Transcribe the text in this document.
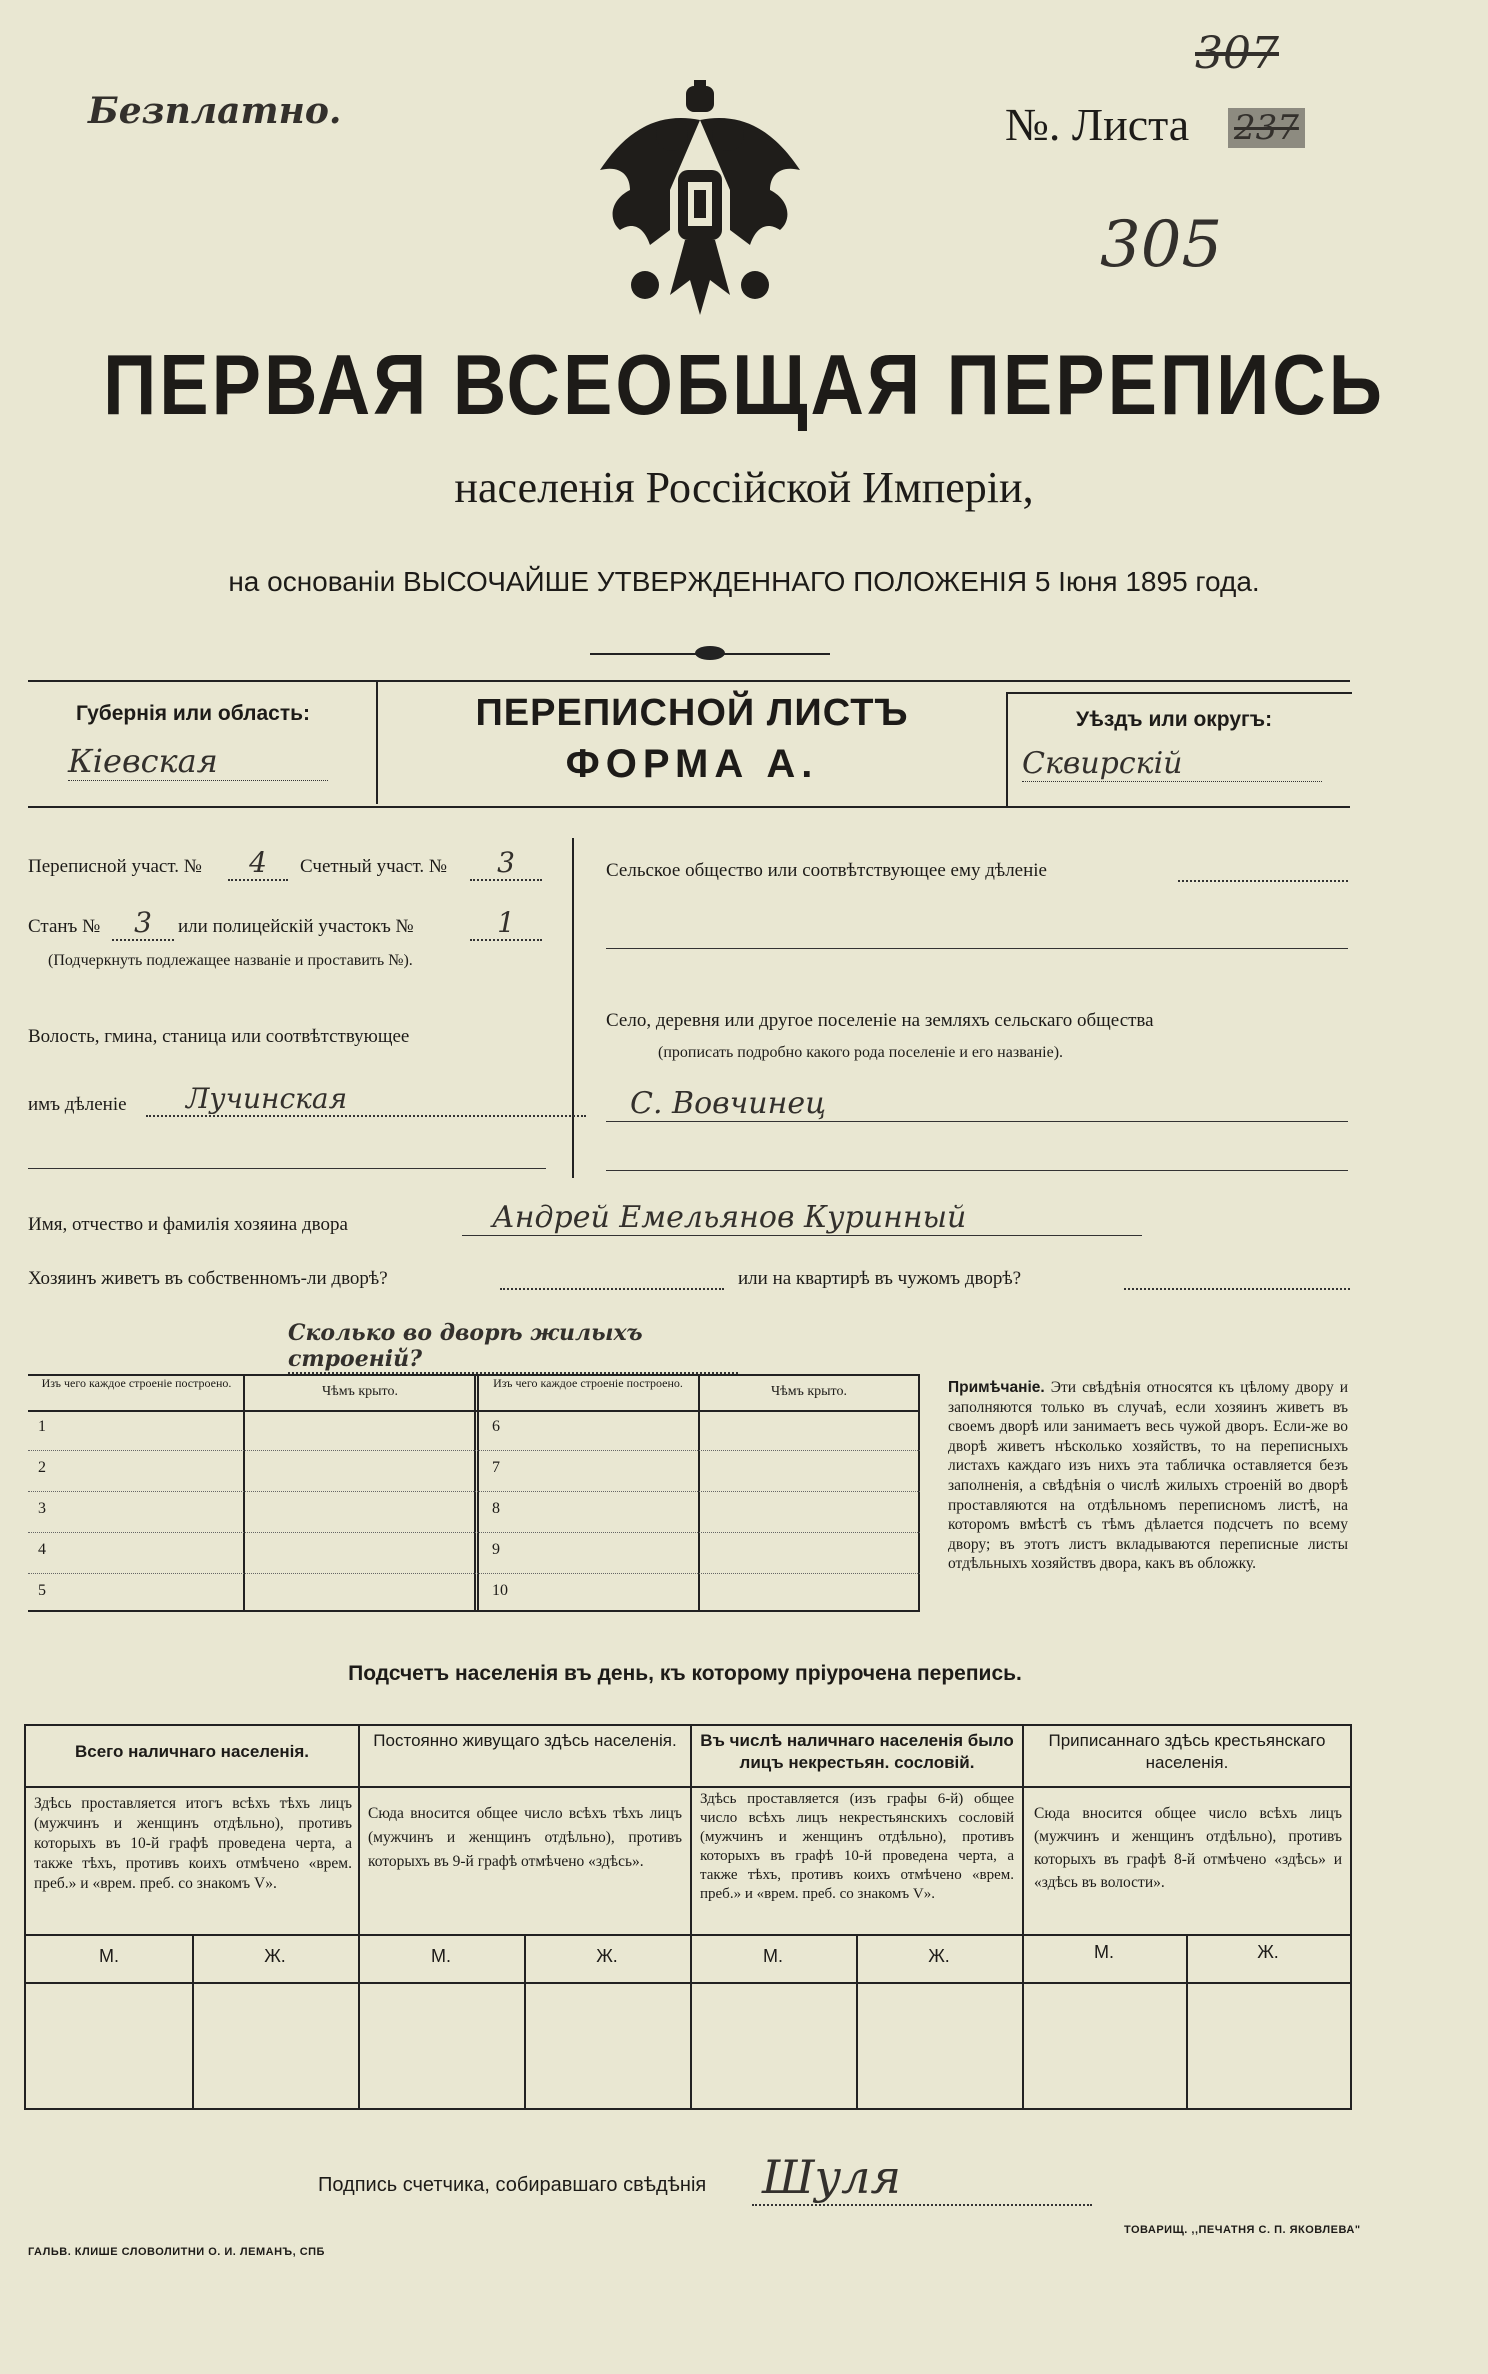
Безплатно.	№. Листа 237
307
305
ПЕРВАЯ ВСЕОБЩАЯ ПЕРЕПИСЬ
населенія Россійской Имперіи,
на основаніи ВЫСОЧАЙШЕ УТВЕРЖДЕННАГО ПОЛОЖЕНІЯ 5 Іюня 1895 года.
Губернія или область:
Кіевская
ПЕРЕПИСНОЙ ЛИСТЪ
ФОРМА А.
Уѣздъ или округъ:
Сквирскій
Переписной участ. №	4	Счетный участ. №	3
Станъ №	3	или полицейскій участокъ №	1
(Подчеркнуть подлежащее названіе и проставить №).
Волость, гмина, станица или соотвѣтствующее
имъ дѣленіе	Лучинская
Сельское общество или соотвѣтствующее ему дѣленіе
Село, деревня или другое поселеніе на земляхъ сельскаго общества
(прописать подробно какого рода поселеніе и его названіе).
С. Вовчинец
Имя, отчество и фамилія хозяина двора	Андрей Емельянов Куринный
Хозяинъ живетъ въ собственномъ-ли дворѣ?	или на квартирѣ въ чужомъ дворѣ?
Сколько во дворѣ жилыхъ строеній?
Изъ чего каждое строеніе построено.
Чѣмъ крыто.
Изъ чего каждое строеніе построено.
Чѣмъ крыто.
1	6
2	7
3	8
4	9
5	10
Примѣчаніе. Эти свѣдѣнія относятся къ цѣлому двору и заполняются только въ случаѣ, если хозяинъ живетъ въ своемъ дворѣ или занимаетъ весь чужой дворъ. Если-же во дворѣ живетъ нѣсколько хозяйствъ, то на переписныхъ листахъ каждаго изъ нихъ эта табличка оставляется безъ заполненія, а свѣдѣнія о числѣ жилыхъ строеній во дворѣ проставляются на отдѣльномъ переписномъ листѣ, на которомъ вмѣстѣ съ тѣмъ дѣлается подсчетъ по всему двору; въ этотъ листъ вкладываются переписные листы отдѣльныхъ хозяйствъ двора, какъ въ обложку.
Подсчетъ населенія въ день, къ которому пріурочена перепись.
Всего наличнаго населенія.
Здѣсь проставляется итогъ всѣхъ тѣхъ лицъ (мужчинъ и женщинъ отдѣльно), противъ которыхъ въ 10-й графѣ проведена черта, а также тѣхъ, противъ коихъ отмѣчено «врем. преб.» и «врем. преб. со знакомъ V».
Постоянно живущаго здѣсь населенія.
Сюда вносится общее число всѣхъ тѣхъ лицъ (мужчинъ и женщинъ отдѣльно), противъ которыхъ въ 9-й графѣ отмѣчено «здѣсь».
Въ числѣ наличнаго населенія было лицъ некрестьян. сословій.
Здѣсь проставляется (изъ графы 6-й) общее число всѣхъ лицъ некрестьянскихъ сословій (мужчинъ и женщинъ отдѣльно), противъ которыхъ въ графѣ 10-й проведена черта, а также тѣхъ, противъ коихъ отмѣчено «врем. преб.» и «врем. преб. со знакомъ V».
Приписаннаго здѣсь крестьянскаго населенія.
Сюда вносится общее число всѣхъ лицъ (мужчинъ и женщинъ отдѣльно), противъ которыхъ въ графѣ 8-й отмѣчено «здѣсь» и «здѣсь въ волости».
М.	Ж.	М.	Ж.	М.	Ж.	М.	Ж.
Подпись счетчика, собиравшаго свѣдѣнія Шуля
ГАЛЬВ. КЛИШЕ СЛОВОЛИТНИ О. И. ЛЕМАНЪ, СПБ
ТОВАРИЩ. ,,ПЕЧАТНЯ С. П. ЯКОВЛЕВА"
